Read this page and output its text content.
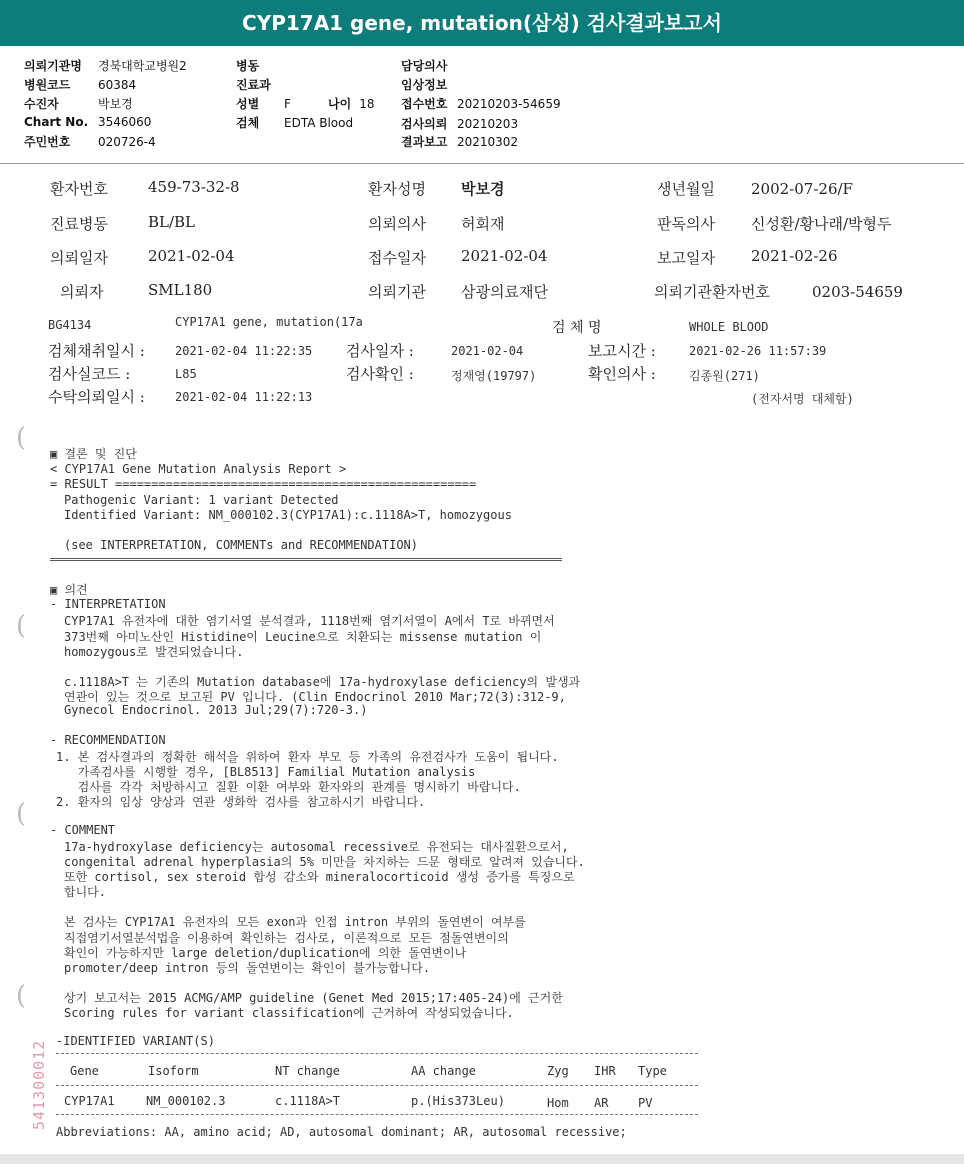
CYP17A1 gene, mutation(삼성) 검사결과보고서
의뢰기관명 경북대학교병원2
병원코드 60384
수진자	박보경
Chart No. 3546060
주민번호 020726-4
병동
진료과
성별 F	나이 18
검체 EDTA Blood
담당의사
임상정보
접수번호 20210203-54659
검사의뢰 20210203
결과보고 20210302
환자번호	459-73-32-8	환자성명 박보경	생년월일 2002-07-26/F
진료병동	BL/BL	의뢰의사 허회재	판독의사 신성환/황나래/박형두
의뢰일자	2021-02-04	접수일자 2021-02-04	보고일자 2021-02-26
의뢰자	SML180	의뢰기관 삼광의료재단	의뢰기관환자번호	0203-54659
BG4134	CYP17A1 gene, mutation(17a	검 체 명	WHOLE BLOOD
검체채취일시 :	2021-02-04 11:22:35 검사일자 :	2021-02-04	보고시간 :	2021-02-26 11:57:39
검사실코드 :	L85	검사확인 :	정재영(19797)	확인의사 :	김종원(271)
수탁의뢰일시 :	2021-02-04 11:22:13	(전자서명 대체함)
(
(
(
(
541300012
▣ 결론 및 진단
< CYP17A1 Gene Mutation Analysis Report >
= RESULT ==================================================
Pathogenic Variant: 1 variant Detected
Identified Variant: NM_000102.3(CYP17A1):c.1118A>T, homozygous
(see INTERPRETATION, COMMENTs and RECOMMENDATION)
▣ 의견
- INTERPRETATION
CYP17A1 유전자에 대한 염기서열 분석결과, 1118번째 염기서열이 A에서 T로 바뀌면서
373번째 아미노산인 Histidine이 Leucine으로 치환되는 missense mutation 이
homozygous로 발견되었습니다.
c.1118A>T 는 기존의 Mutation database에 17a-hydroxylase deficiency의 발생과
연관이 있는 것으로 보고된 PV 입니다. (Clin Endocrinol 2010 Mar;72(3):312-9,
Gynecol Endocrinol. 2013 Jul;29(7):720-3.)
- RECOMMENDATION
1. 본 검사결과의 정확한 해석을 위하여 환자 부모 등 가족의 유전검사가 도움이 됩니다.
가족검사를 시행할 경우, [BL8513] Familial Mutation analysis
검사를 각각 처방하시고 질환 이환 여부와 환자와의 관계를 명시하기 바랍니다.
2. 환자의 임상 양상과 연관 생화학 검사를 참고하시기 바랍니다.
- COMMENT
17a-hydroxylase deficiency는 autosomal recessive로 유전되는 대사질환으로서,
congenital adrenal hyperplasia의 5% 미만을 차지하는 드문 형태로 알려져 있습니다.
또한 cortisol, sex steroid 합성 감소와 mineralocorticoid 생성 증가를 특징으로
합니다.
본 검사는 CYP17A1 유전자의 모든 exon과 인접 intron 부위의 돌연변이 여부를
직접염기서열분석법을 이용하여 확인하는 검사로, 이론적으로 모든 점돌연변이의
확인이 가능하지만 large deletion/duplication에 의한 돌연변이나
promoter/deep intron 등의 돌연변이는 확인이 불가능합니다.
상기 보고서는 2015 ACMG/AMP guideline (Genet Med 2015;17:405-24)에 근거한
Scoring rules for variant classification에 근거하여 작성되었습니다.
-IDENTIFIED VARIANT(S)
Gene	Isoform	NT change	AA change	Zyg IHR Type
CYP17A1	NM_000102.3	c.1118A>T	p.(His373Leu)	Hom AR PV
Abbreviations: AA, amino acid; AD, autosomal dominant; AR, autosomal recessive;
